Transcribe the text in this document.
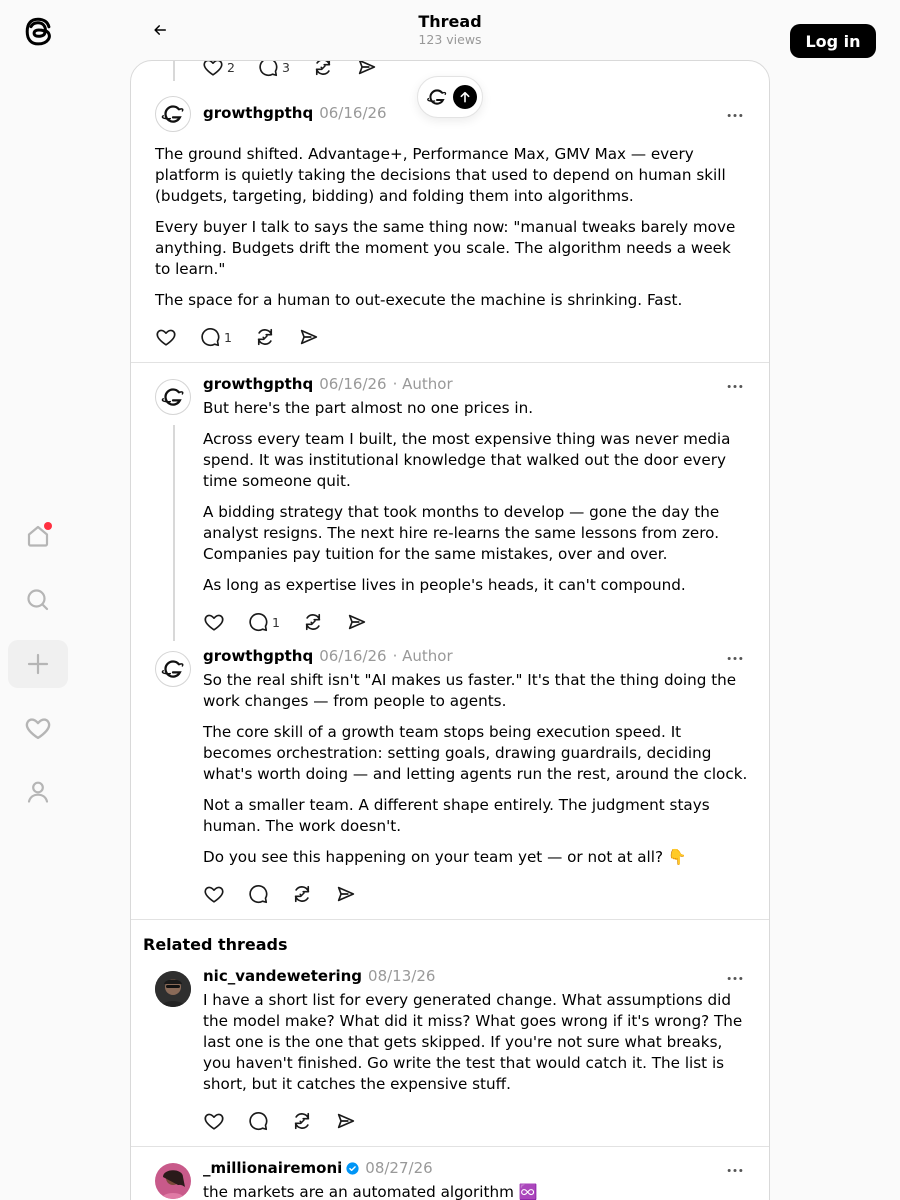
Thread
123 views	Log in
2	3
growthgpthq 06/16/26
The ground shifted. Advantage+, Performance Max, GMV Max — every platform is quietly taking the decisions that used to depend on human skill (budgets, targeting, bidding) and folding them into algorithms.
Every buyer I talk to says the same thing now: "manual tweaks barely move anything. Budgets drift the moment you scale. The algorithm needs a week to learn."
The space for a human to out-execute the machine is shrinking. Fast.
1
growthgpthq 06/16/26 · Author
But here's the part almost no one prices in.
Across every team I built, the most expensive thing was never media spend. It was institutional knowledge that walked out the door every time someone quit.
A bidding strategy that took months to develop — gone the day the analyst resigns. The next hire re-learns the same lessons from zero. Companies pay tuition for the same mistakes, over and over.
As long as expertise lives in people's heads, it can't compound.
1
growthgpthq 06/16/26 · Author
So the real shift isn't "AI makes us faster." It's that the thing doing the work changes — from people to agents.
The core skill of a growth team stops being execution speed. It becomes orchestration: setting goals, drawing guardrails, deciding what's worth doing — and letting agents run the rest, around the clock.
Not a smaller team. A different shape entirely. The judgment stays human. The work doesn't.
Do you see this happening on your team yet — or not at all? 👇
Related threads
nic_vandewetering 08/13/26
I have a short list for every generated change. What assumptions did the model make? What did it miss? What goes wrong if it's wrong? The last one is the one that gets skipped. If you're not sure what breaks, you haven't finished. Go write the test that would catch it. The list is short, but it catches the expensive stuff.
_millionairemoni 08/27/26
the markets are an automated algorithm ♾️
